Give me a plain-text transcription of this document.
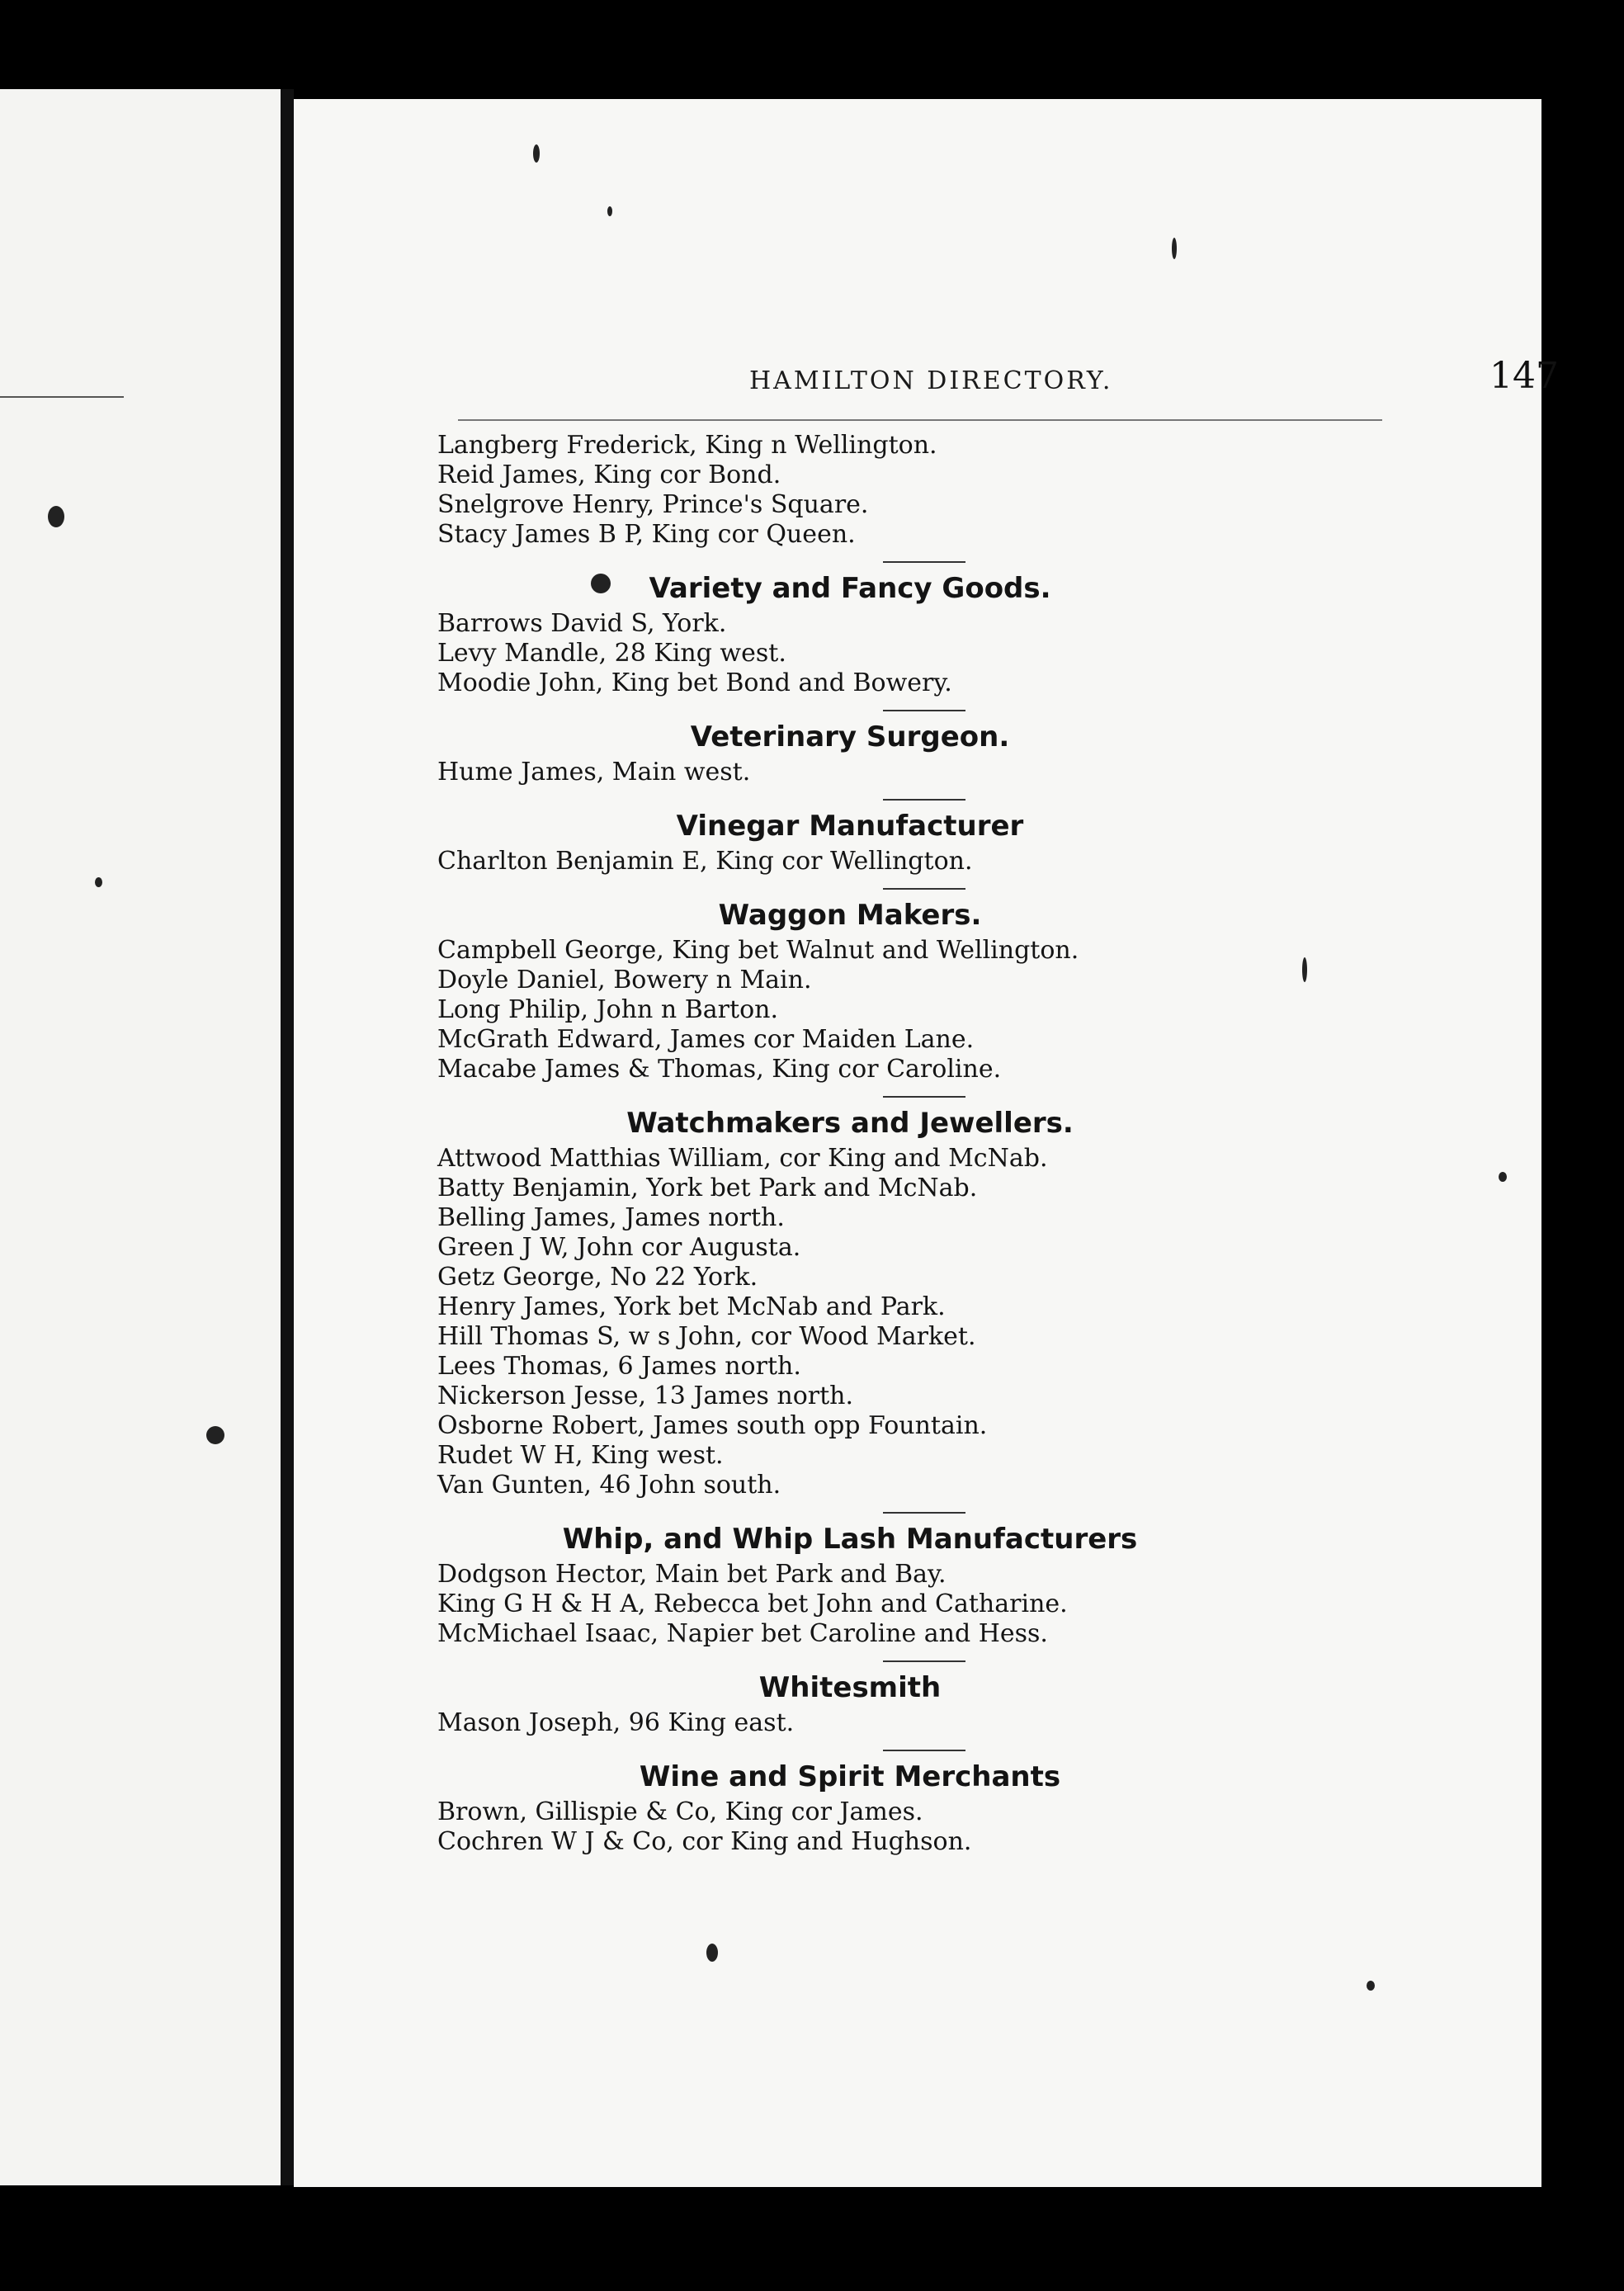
HAMILTON DIRECTORY.	147
Langberg Frederick, King n Wellington.
Reid James, King cor Bond.
Snelgrove Henry, Prince's Square.
Stacy James B P, King cor Queen.
Variety and Fancy Goods.
Barrows David S, York.
Levy Mandle, 28 King west.
Moodie John, King bet Bond and Bowery.
Veterinary Surgeon.
Hume James, Main west.
Vinegar Manufacturer
Charlton Benjamin E, King cor Wellington.
Waggon Makers.
Campbell George, King bet Walnut and Wellington.
Doyle Daniel, Bowery n Main.
Long Philip, John n Barton.
McGrath Edward, James cor Maiden Lane.
Macabe James & Thomas, King cor Caroline.
Watchmakers and Jewellers.
Attwood Matthias William, cor King and McNab.
Batty Benjamin, York bet Park and McNab.
Belling James, James north.
Green J W, John cor Augusta.
Getz George, No 22 York.
Henry James, York bet McNab and Park.
Hill Thomas S, w s John, cor Wood Market.
Lees Thomas, 6 James north.
Nickerson Jesse, 13 James north.
Osborne Robert, James south opp Fountain.
Rudet W H, King west.
Van Gunten, 46 John south.
Whip, and Whip Lash Manufacturers
Dodgson Hector, Main bet Park and Bay.
King G H & H A, Rebecca bet John and Catharine.
McMichael Isaac, Napier bet Caroline and Hess.
Whitesmith
Mason Joseph, 96 King east.
Wine and Spirit Merchants
Brown, Gillispie & Co, King cor James.
Cochren W J & Co, cor King and Hughson.
